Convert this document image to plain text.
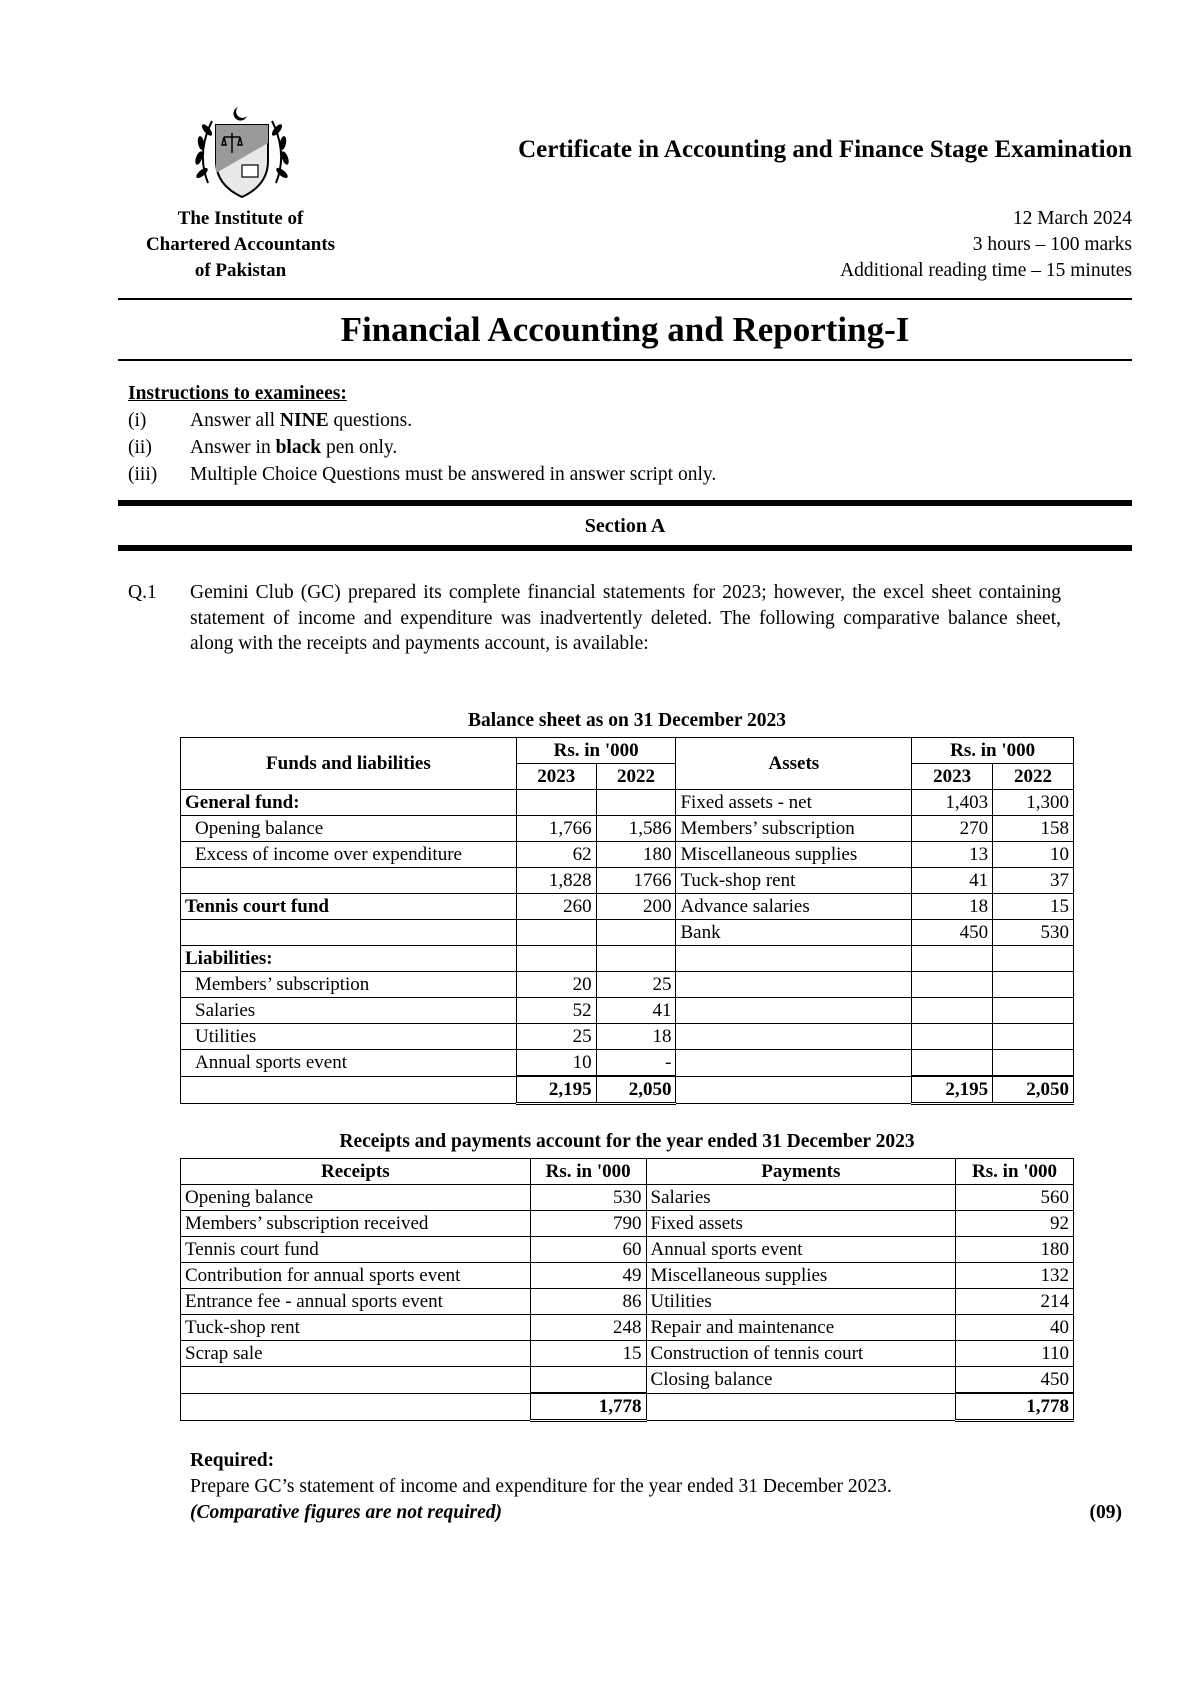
The Institute of
Chartered Accountants
of Pakistan
Certificate in Accounting and Finance Stage Examination
12 March 2024
3 hours – 100 marks
Additional reading time – 15 minutes
Financial Accounting and Reporting-I
Instructions to examinees:
(i)	Answer all NINE questions.
(ii)	Answer in black pen only.
(iii)	Multiple Choice Questions must be answered in answer script only.
Section A
Q.1 Gemini Club (GC) prepared its complete financial statements for 2023; however, the excel sheet containing statement of income and expenditure was inadvertently deleted. The following comparative balance sheet, along with the receipts and payments account, is available:
Balance sheet as on 31 December 2023
Funds and liabilities	Rs. in '000		Assets	Rs. in '000	
	2023	2022		2023	2022
General fund:			Fixed assets - net	1,403	1,300
Opening balance	1,766	1,586	Members’ subscription	270	158
Excess of income over expenditure	62	180	Miscellaneous supplies	13	10
	1,828	1766	Tuck-shop rent	41	37
Tennis court fund	260	200	Advance salaries	18	15
			Bank	450	530
Liabilities:					
Members’ subscription	20	25			
Salaries	52	41			
Utilities	25	18			
Annual sports event	10	-			
	2,195	2,050		2,195	2,050
Receipts and payments account for the year ended 31 December 2023
Receipts	Rs. in '000	Payments	Rs. in '000
Opening balance	530	Salaries	560
Members’ subscription received	790	Fixed assets	92
Tennis court fund	60	Annual sports event	180
Contribution for annual sports event	49	Miscellaneous supplies	132
Entrance fee - annual sports event	86	Utilities	214
Tuck-shop rent	248	Repair and maintenance	40
Scrap sale	15	Construction of tennis court	110
		Closing balance	450
	1,778		1,778
Required:
Prepare GC’s statement of income and expenditure for the year ended 31 December 2023.
(Comparative figures are not required)	(09)
